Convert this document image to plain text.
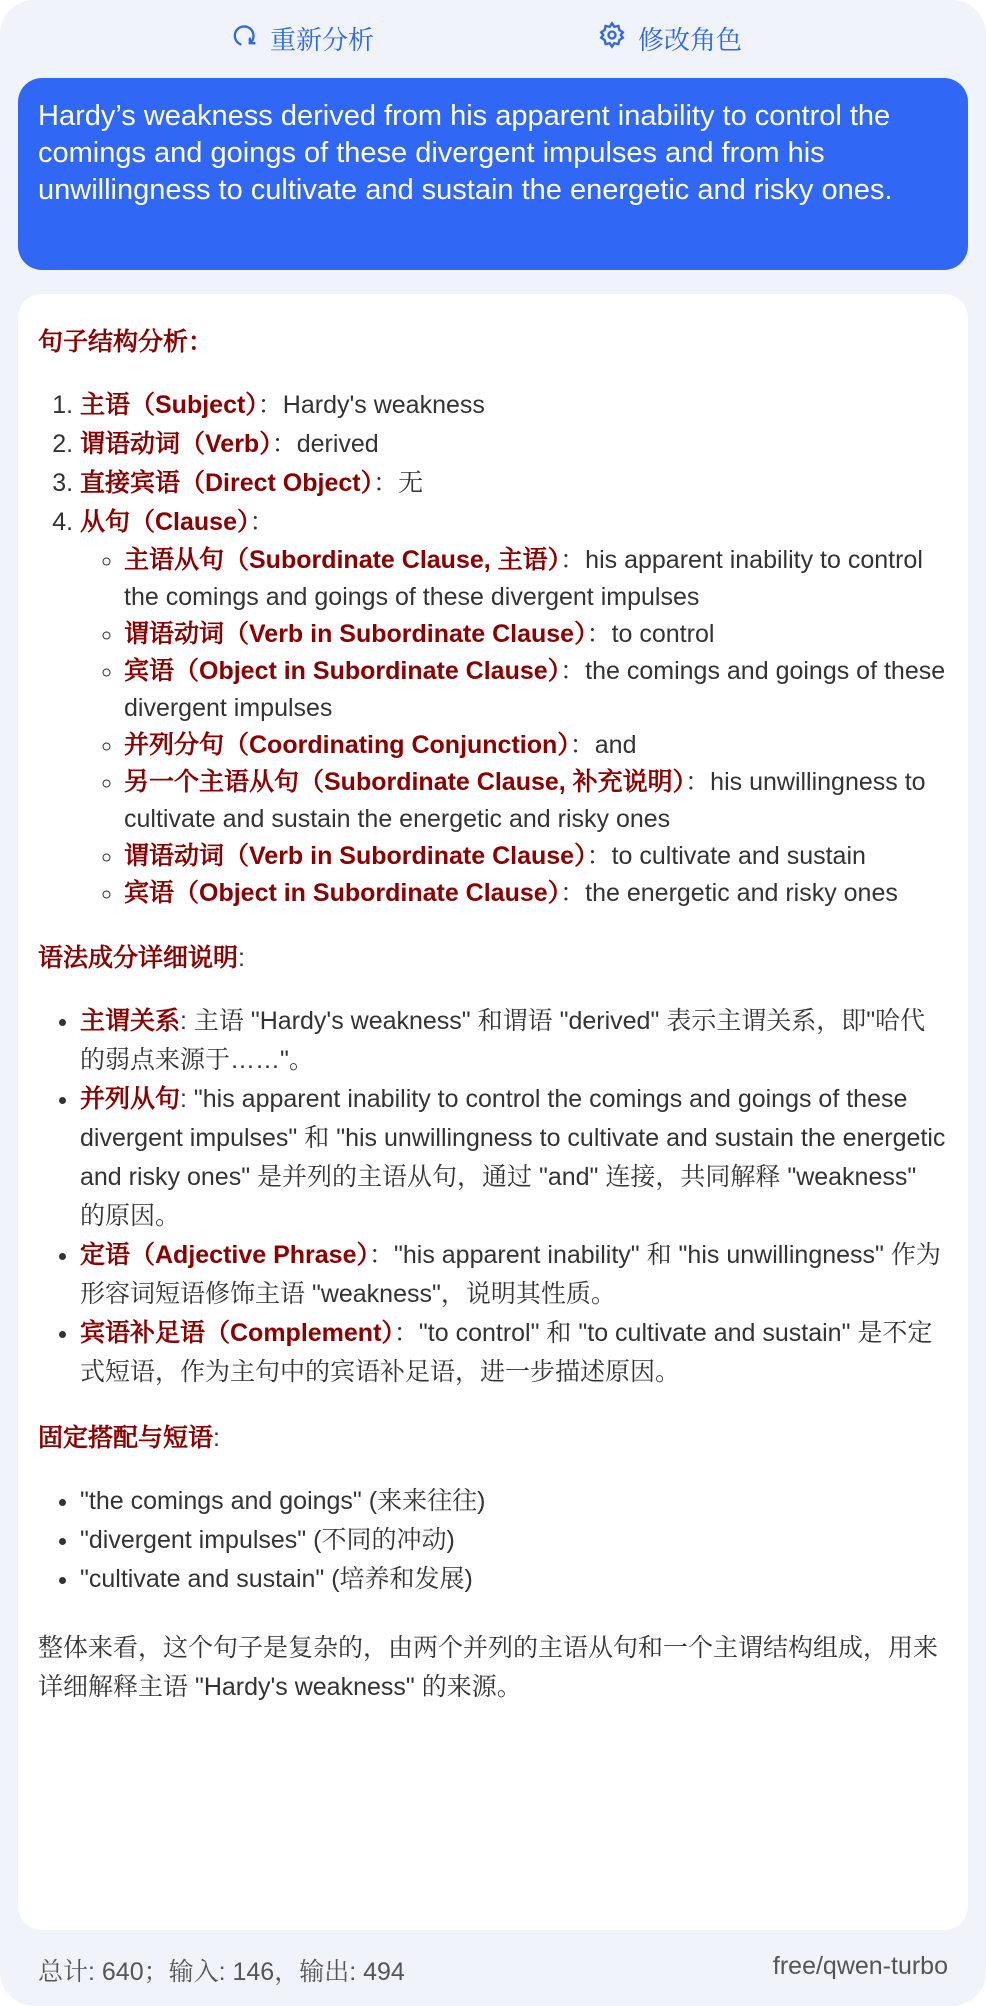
重新分析	修改角色
Hardy’s weakness derived from his apparent inability to control the comings and goings of these divergent impulses and from his unwillingness to cultivate and sustain the energetic and risky ones.
句子结构分析：
1. 主语（Subject）：Hardy's weakness
2. 谓语动词（Verb）：derived
3. 直接宾语（Direct Object）：无
4. 从句（Clause）：
◦ 主语从句（Subordinate Clause, 主语）：his apparent inability to control the comings and goings of these divergent impulses
◦ 谓语动词（Verb in Subordinate Clause）：to control
◦ 宾语（Object in Subordinate Clause）：the comings and goings of these divergent impulses
◦ 并列分句（Coordinating Conjunction）：and
◦ 另一个主语从句（Subordinate Clause, 补充说明）：his unwillingness to cultivate and sustain the energetic and risky ones
◦ 谓语动词（Verb in Subordinate Clause）：to cultivate and sustain
◦ 宾语（Object in Subordinate Clause）：the energetic and risky ones
语法成分详细说明:
• 主谓关系: 主语 "Hardy's weakness" 和谓语 "derived" 表示主谓关系，即"哈代的弱点来源于……"。
• 并列从句: "his apparent inability to control the comings and goings of these divergent impulses" 和 "his unwillingness to cultivate and sustain the energetic and risky ones" 是并列的主语从句，通过 "and" 连接，共同解释 "weakness" 的原因。
• 定语（Adjective Phrase）："his apparent inability" 和 "his unwillingness" 作为形容词短语修饰主语 "weakness"，说明其性质。
• 宾语补足语（Complement）："to control" 和 "to cultivate and sustain" 是不定式短语，作为主句中的宾语补足语，进一步描述原因。
固定搭配与短语:
• "the comings and goings" (来来往往)
• "divergent impulses" (不同的冲动)
• "cultivate and sustain" (培养和发展)
整体来看，这个句子是复杂的，由两个并列的主语从句和一个主谓结构组成，用来详细解释主语 "Hardy's weakness" 的来源。
总计: 640；输入: 146，输出: 494	free/qwen-turbo
